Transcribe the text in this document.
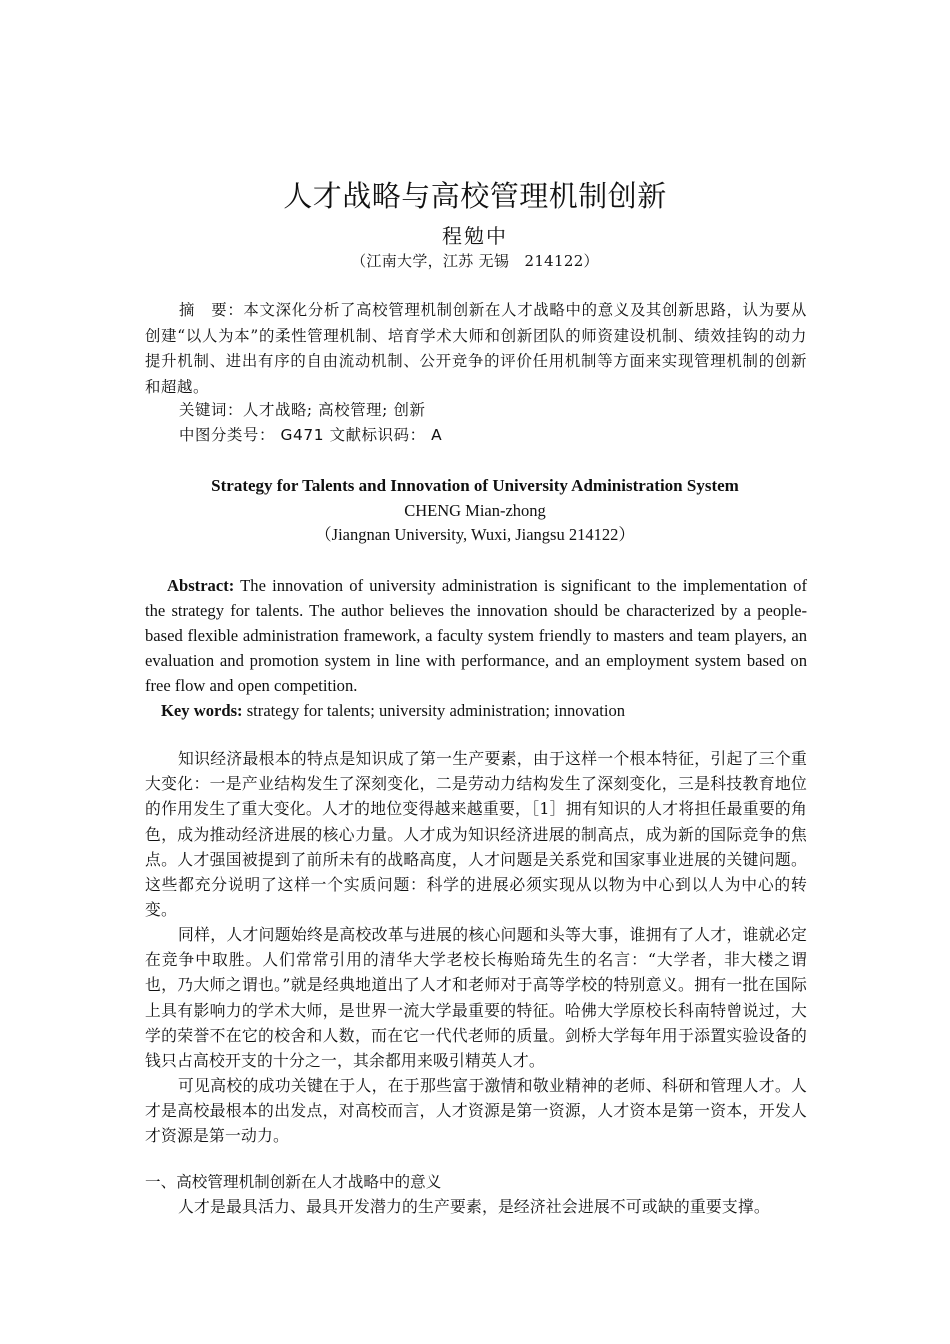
人才战略与高校管理机制创新
程勉中
（江南大学，江苏 无锡　214122）
摘　要：本文深化分析了高校管理机制创新在人才战略中的意义及其创新思路，认为要从创建“以人为本”的柔性管理机制、培育学术大师和创新团队的师资建设机制、绩效挂钩的动力提升机制、进出有序的自由流动机制、公开竞争的评价任用机制等方面来实现管理机制的创新和超越。
关键词：人才战略; 高校管理; 创新
中图分类号： G471 文献标识码： A
Strategy for Talents and Innovation of University Administration System
CHENG Mian-zhong
（Jiangnan University, Wuxi, Jiangsu 214122）
Abstract: The innovation of university administration is significant to the implementation of the strategy for talents. The author believes the innovation should be characterized by a people-based flexible administration framework, a faculty system friendly to masters and team players, an evaluation and promotion system in line with performance, and an employment system based on free flow and open competition.
Key words: strategy for talents; university administration; innovation
知识经济最根本的特点是知识成了第一生产要素，由于这样一个根本特征，引起了三个重大变化：一是产业结构发生了深刻变化，二是劳动力结构发生了深刻变化，三是科技教育地位的作用发生了重大变化。人才的地位变得越来越重要，［1］拥有知识的人才将担任最重要的角色，成为推动经济进展的核心力量。人才成为知识经济进展的制高点，成为新的国际竞争的焦点。人才强国被提到了前所未有的战略高度，人才问题是关系党和国家事业进展的关键问题。这些都充分说明了这样一个实质问题：科学的进展必须实现从以物为中心到以人为中心的转变。
同样，人才问题始终是高校改革与进展的核心问题和头等大事，谁拥有了人才，谁就必定在竞争中取胜。人们常常引用的清华大学老校长梅贻琦先生的名言：“大学者，非大楼之谓也，乃大师之谓也。”就是经典地道出了人才和老师对于高等学校的特别意义。拥有一批在国际上具有影响力的学术大师，是世界一流大学最重要的特征。哈佛大学原校长科南特曾说过，大学的荣誉不在它的校舍和人数，而在它一代代老师的质量。剑桥大学每年用于添置实验设备的钱只占高校开支的十分之一，其余都用来吸引精英人才。
可见高校的成功关键在于人，在于那些富于激情和敬业精神的老师、科研和管理人才。人才是高校最根本的出发点，对高校而言，人才资源是第一资源，人才资本是第一资本，开发人才资源是第一动力。
一、高校管理机制创新在人才战略中的意义
人才是最具活力、最具开发潜力的生产要素，是经济社会进展不可或缺的重要支撑。
